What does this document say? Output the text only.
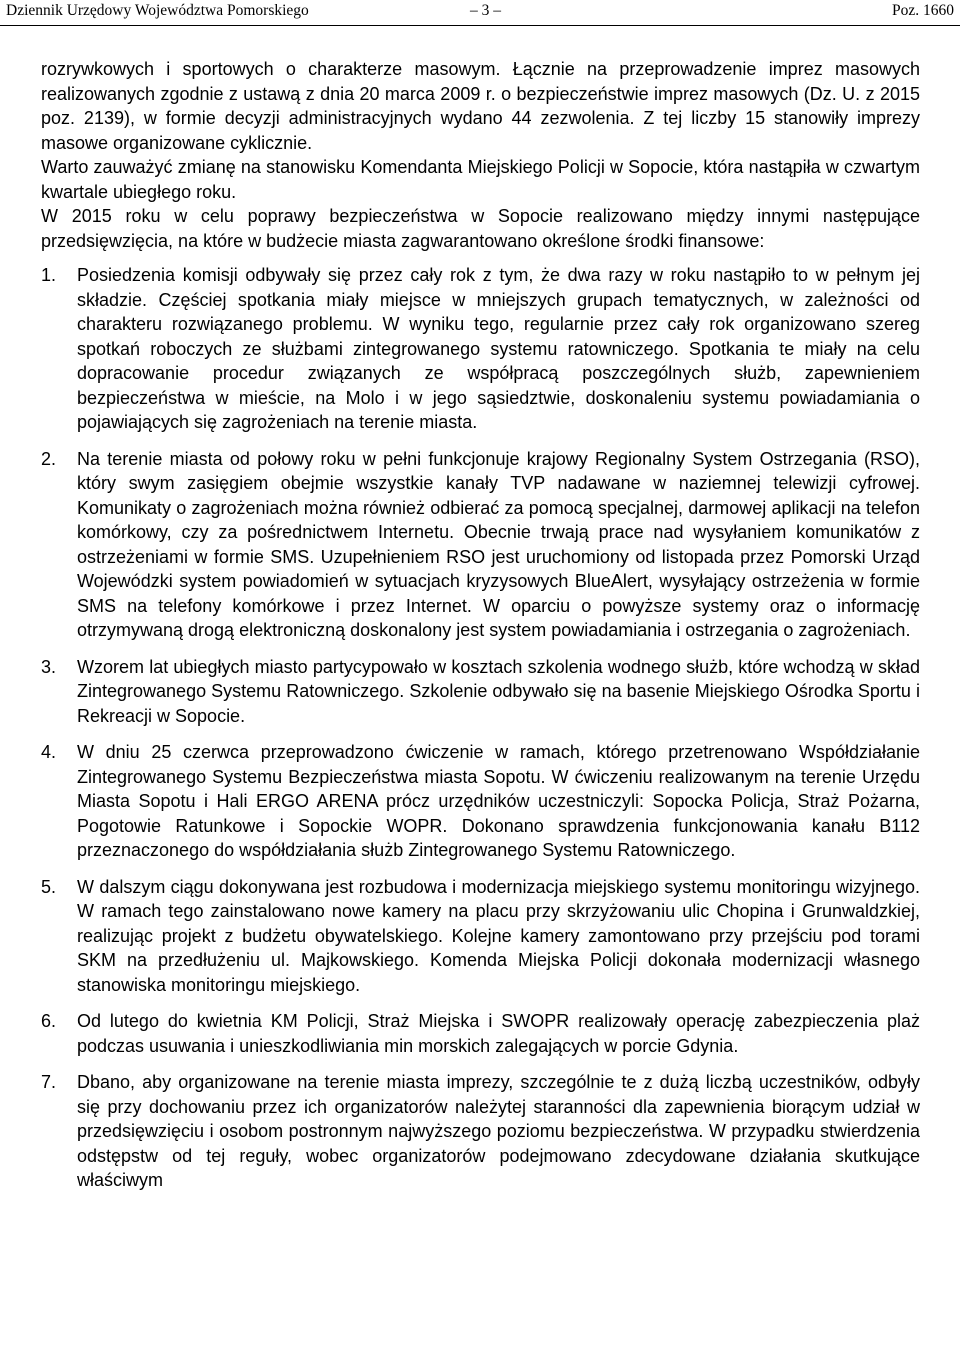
Dziennik Urzędowy Województwa Pomorskiego	– 3 –	Poz. 1660

rozrywkowych i sportowych o charakterze masowym. Łącznie na przeprowadzenie imprez masowych realizowanych zgodnie z ustawą z dnia 20 marca 2009 r. o bezpieczeństwie imprez masowych (Dz. U. z 2015 poz. 2139), w formie decyzji administracyjnych wydano 44 zezwolenia. Z tej liczby 15 stanowiły imprezy masowe organizowane cyklicznie.

Warto zauważyć zmianę na stanowisku Komendanta Miejskiego Policji w Sopocie, która nastąpiła w czwartym kwartale ubiegłego roku.

W 2015 roku w celu poprawy bezpieczeństwa w Sopocie realizowano między innymi następujące przedsięwzięcia, na które w budżecie miasta zagwarantowano określone środki finansowe:

1. Posiedzenia komisji odbywały się przez cały rok z tym, że dwa razy w roku nastąpiło to w pełnym jej składzie. Częściej spotkania miały miejsce w mniejszych grupach tematycznych, w zależności od charakteru rozwiązanego problemu. W wyniku tego, regularnie przez cały rok organizowano szereg spotkań roboczych ze służbami zintegrowanego systemu ratowniczego. Spotkania te miały na celu dopracowanie procedur związanych ze współpracą poszczególnych służb, zapewnieniem bezpieczeństwa w mieście, na Molo i w jego sąsiedztwie, doskonaleniu systemu powiadamiania o pojawiających się zagrożeniach na terenie miasta.
2. Na terenie miasta od połowy roku w pełni funkcjonuje krajowy Regionalny System Ostrzegania (RSO), który swym zasięgiem obejmie wszystkie kanały TVP nadawane w naziemnej telewizji cyfrowej. Komunikaty o zagrożeniach można również odbierać za pomocą specjalnej, darmowej aplikacji na telefon komórkowy, czy za pośrednictwem Internetu. Obecnie trwają prace nad wysyłaniem komunikatów z ostrzeżeniami w formie SMS. Uzupełnieniem RSO jest uruchomiony od listopada przez Pomorski Urząd Wojewódzki system powiadomień w sytuacjach kryzysowych BlueAlert, wysyłający ostrzeżenia w formie SMS na telefony komórkowe i przez Internet. W oparciu o powyższe systemy oraz o informację otrzymywaną drogą elektroniczną doskonalony jest system powiadamiania i ostrzegania o zagrożeniach.
3. Wzorem lat ubiegłych miasto partycypowało w kosztach szkolenia wodnego służb, które wchodzą w skład Zintegrowanego Systemu Ratowniczego. Szkolenie odbywało się na basenie Miejskiego Ośrodka Sportu i Rekreacji w Sopocie.
4. W dniu 25 czerwca przeprowadzono ćwiczenie w ramach, którego przetrenowano Współdziałanie Zintegrowanego Systemu Bezpieczeństwa miasta Sopotu. W ćwiczeniu realizowanym na terenie Urzędu Miasta Sopotu i Hali ERGO ARENA prócz urzędników uczestniczyli: Sopocka Policja, Straż Pożarna, Pogotowie Ratunkowe i Sopockie WOPR. Dokonano sprawdzenia funkcjonowania kanału B112 przeznaczonego do współdziałania służb Zintegrowanego Systemu Ratowniczego.
5. W dalszym ciągu dokonywana jest rozbudowa i modernizacja miejskiego systemu monitoringu wizyjnego. W ramach tego zainstalowano nowe kamery na placu przy skrzyżowaniu ulic Chopina i Grunwaldzkiej, realizując projekt z budżetu obywatelskiego. Kolejne kamery zamontowano przy przejściu pod torami SKM na przedłużeniu ul. Majkowskiego. Komenda Miejska Policji dokonała modernizacji własnego stanowiska monitoringu miejskiego.
6. Od lutego do kwietnia KM Policji, Straż Miejska i SWOPR realizowały operację zabezpieczenia plaż podczas usuwania i unieszkodliwiania min morskich zalegających w porcie Gdynia.
7. Dbano, aby organizowane na terenie miasta imprezy, szczególnie te z dużą liczbą uczestników, odbyły się przy dochowaniu przez ich organizatorów należytej staranności dla zapewnienia biorącym udział w przedsięwzięciu i osobom postronnym najwyższego poziomu bezpieczeństwa. W przypadku stwierdzenia odstępstw od tej reguły, wobec organizatorów podejmowano zdecydowane działania skutkujące właściwym
